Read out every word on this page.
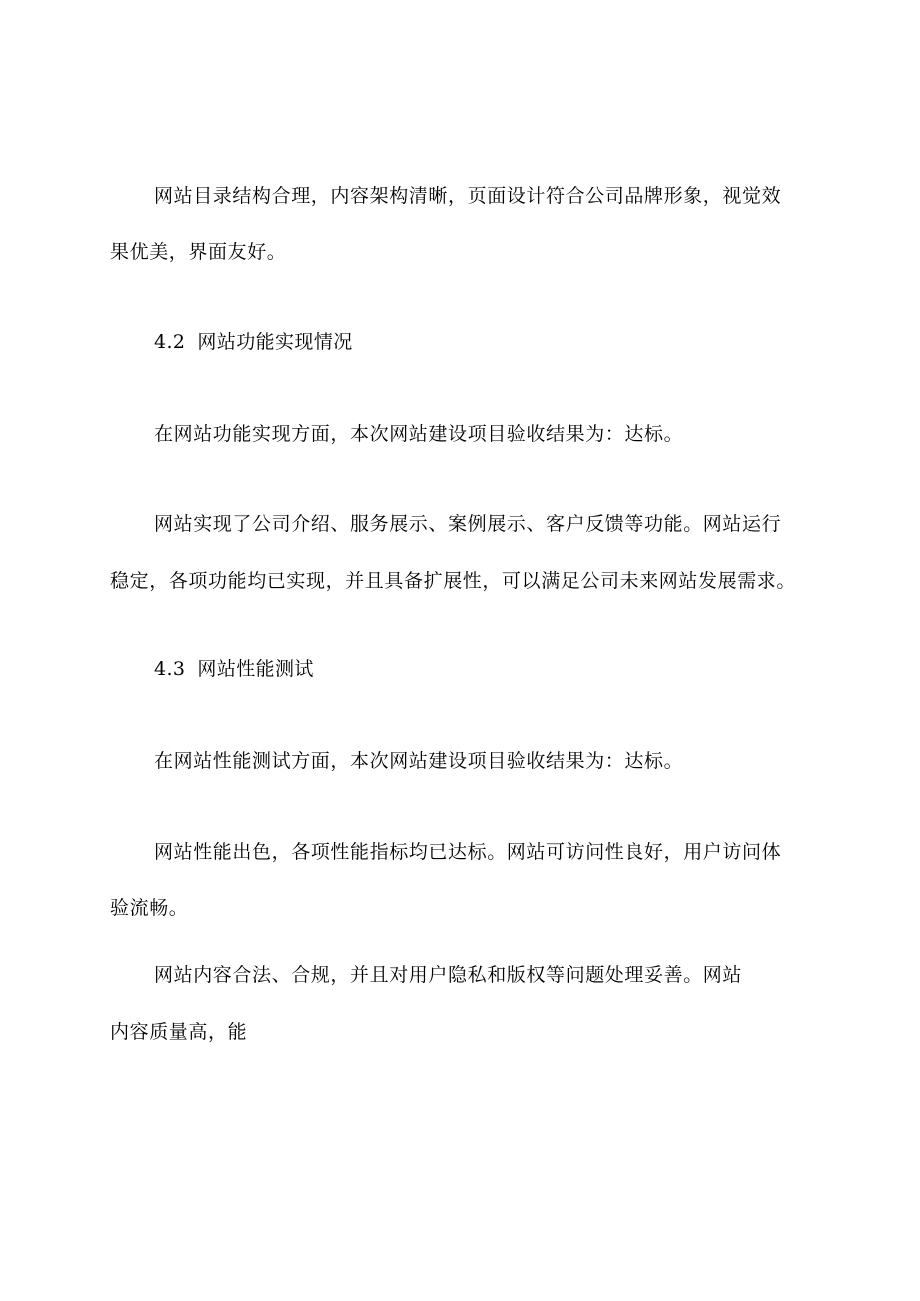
网站目录结构合理，内容架构清晰，页面设计符合公司品牌形象，视觉效

果优美，界面友好。

4.2 网站功能实现情况

在网站功能实现方面，本次网站建设项目验收结果为：达标。

网站实现了公司介绍、服务展示、案例展示、客户反馈等功能。网站运行

稳定，各项功能均已实现，并且具备扩展性，可以满足公司未来网站发展需求。

4.3 网站性能测试

在网站性能测试方面，本次网站建设项目验收结果为：达标。

网站性能出色，各项性能指标均已达标。网站可访问性良好，用户访问体

验流畅。

网站内容合法、合规，并且对用户隐私和版权等问题处理妥善。网站

内容质量高，能
